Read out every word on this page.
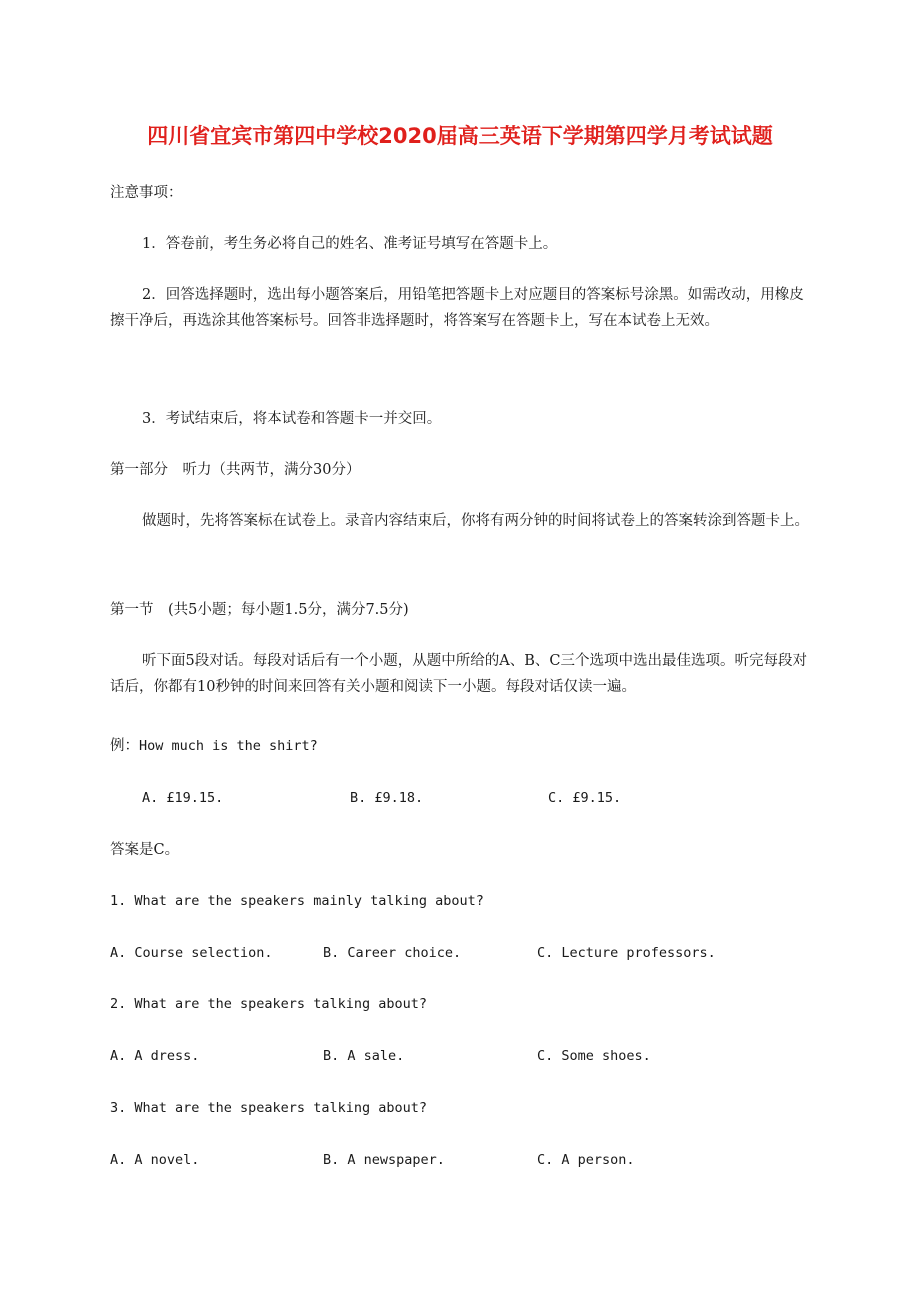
四川省宜宾市第四中学校2020届高三英语下学期第四学月考试试题
注意事项：
1．答卷前，考生务必将自己的姓名、准考证号填写在答题卡上。
2．回答选择题时，选出每小题答案后，用铅笔把答题卡上对应题目的答案标号涂黑。如需改动，用橡皮擦干净后，再选涂其他答案标号。回答非选择题时，将答案写在答题卡上，写在本试卷上无效。
3．考试结束后，将本试卷和答题卡一并交回。
第一部分　听力（共两节，满分30分）
做题时，先将答案标在试卷上。录音内容结束后，你将有两分钟的时间将试卷上的答案转涂到答题卡上。
第一节　(共5小题；每小题1.5分，满分7.5分)
听下面5段对话。每段对话后有一个小题，从题中所给的A、B、C三个选项中选出最佳选项。听完每段对话后，你都有10秒钟的时间来回答有关小题和阅读下一小题。每段对话仅读一遍。
例：How much is the shirt?
A. £19.15.	B. £9.18.	C. £9.15.
答案是C。
1. What are the speakers mainly talking about?
A. Course selection.	B. Career choice.	C. Lecture professors.
2. What are the speakers talking about?
A. A dress.	B. A sale.	C. Some shoes.
3. What are the speakers talking about?
A. A novel.	B. A newspaper.	C. A person.
